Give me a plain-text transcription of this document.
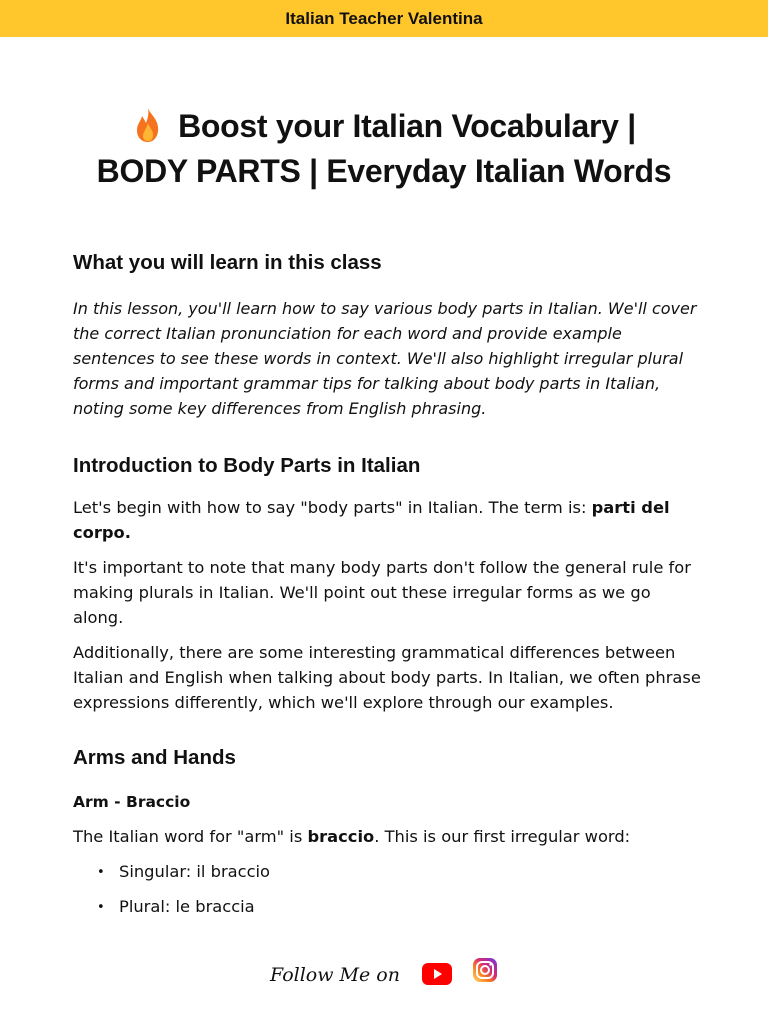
Italian Teacher Valentina
Boost your Italian Vocabulary |
BODY PARTS | Everyday Italian Words
What you will learn in this class

In this lesson, you'll learn how to say various body parts in Italian. We'll cover the correct Italian pronunciation for each word and provide example sentences to see these words in context. We'll also highlight irregular plural forms and important grammar tips for talking about body parts in Italian, noting some key differences from English phrasing.

Introduction to Body Parts in Italian

Let's begin with how to say "body parts" in Italian. The term is: parti del corpo.

It's important to note that many body parts don't follow the general rule for making plurals in Italian. We'll point out these irregular forms as we go along.

Additionally, there are some interesting grammatical differences between Italian and English when talking about body parts. In Italian, we often phrase expressions differently, which we'll explore through our examples.

Arms and Hands
Arm - Braccio

The Italian word for "arm" is braccio. This is our first irregular word:

• Singular: il braccio
• Plural: le braccia
Follow Me on
